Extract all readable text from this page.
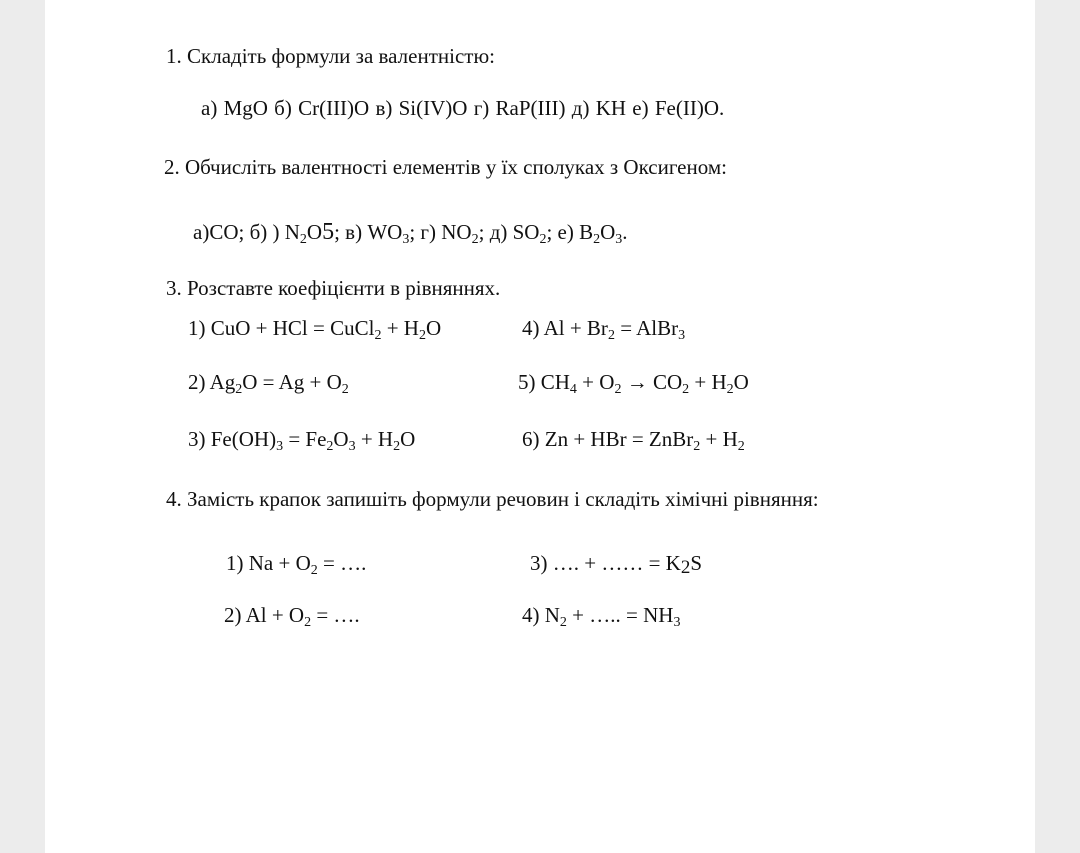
1. Складіть формули за валентністю:
а) MgO б) Cr(III)O в) Si(IV)O г) RaP(III) д) KH е) Fe(II)O.
2. Обчисліть валентності елементів у їх сполуках з Оксигеном:
а)CO; б) ) $N_2O5$; в) $WO_3$; г) $NO_2$; д) $SO_2$; е) $B_2O_3$.
3. Розставте коефіцієнти в рівняннях.
1) CuO + HCl = CuCl$_2$ + $H_2O$	4) $Al + Br_2$ = AlBr$_3$
2) $Ag_2O = Ag + O_2$	5) $CH_4 + O_2 \to CO_2 + H_2O$
3) $Fe(OH)_3 = Fe_2O_3 + H_2O$	6) Zn + HBr = ZnBr$_2$ + $H_2$
4. Замість крапок запишіть формули речовин і складіть хімічні рівняння:
1) $Na + O_2$ = ….	3) …. + …… = $K_2S$
2) $Al + O_2$ = ….	4) $N_2$ + ….. = $NH_3$
